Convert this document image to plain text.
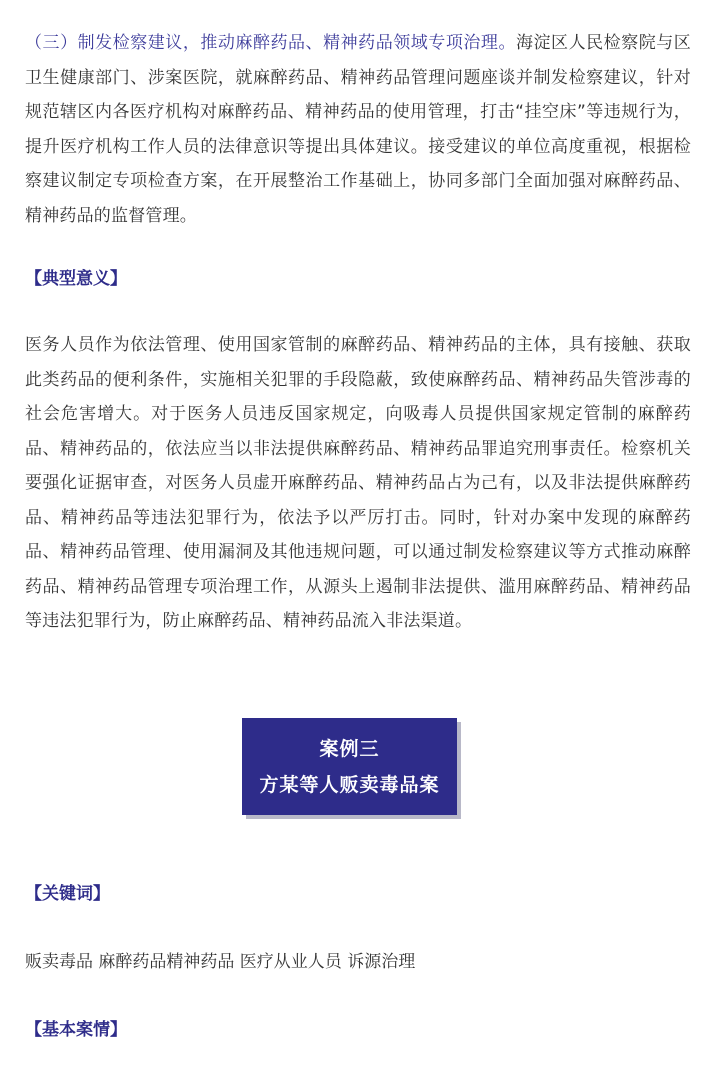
（三）制发检察建议，推动麻醉药品、精神药品领域专项治理。海淀区人民检察院与区卫生健康部门、涉案医院，就麻醉药品、精神药品管理问题座谈并制发检察建议，针对规范辖区内各医疗机构对麻醉药品、精神药品的使用管理，打击“挂空床”等违规行为，提升医疗机构工作人员的法律意识等提出具体建议。接受建议的单位高度重视，根据检察建议制定专项检查方案，在开展整治工作基础上，协同多部门全面加强对麻醉药品、精神药品的监督管理。

【典型意义】

医务人员作为依法管理、使用国家管制的麻醉药品、精神药品的主体，具有接触、获取此类药品的便利条件，实施相关犯罪的手段隐蔽，致使麻醉药品、精神药品失管涉毒的社会危害增大。对于医务人员违反国家规定，向吸毒人员提供国家规定管制的麻醉药品、精神药品的，依法应当以非法提供麻醉药品、精神药品罪追究刑事责任。检察机关要强化证据审查，对医务人员虚开麻醉药品、精神药品占为己有，以及非法提供麻醉药品、精神药品等违法犯罪行为，依法予以严厉打击。同时，针对办案中发现的麻醉药品、精神药品管理、使用漏洞及其他违规问题，可以通过制发检察建议等方式推动麻醉药品、精神药品管理专项治理工作，从源头上遏制非法提供、滥用麻醉药品、精神药品等违法犯罪行为，防止麻醉药品、精神药品流入非法渠道。

案例三
方某等人贩卖毒品案
【关键词】

贩卖毒品 麻醉药品精神药品 医疗从业人员 诉源治理

【基本案情】
